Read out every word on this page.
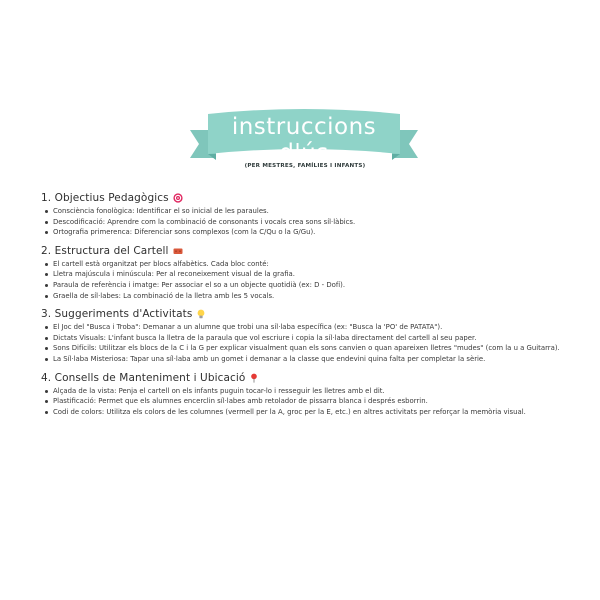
instruccions d'ús
(PER MESTRES, FAMÍLIES I INFANTS)
1. Objectius Pedagògics
Consciència fonològica: Identificar el so inicial de les paraules.
Descodificació: Aprendre com la combinació de consonants i vocals crea sons síl·làbics.
Ortografia primerenca: Diferenciar sons complexos (com la C/Qu o la G/Gu).
2. Estructura del Cartell
El cartell està organitzat per blocs alfabètics. Cada bloc conté:
Lletra majúscula i minúscula: Per al reconeixement visual de la grafia.
Paraula de referència i imatge: Per associar el so a un objecte quotidià (ex: D - Dofí).
Graella de síl·labes: La combinació de la lletra amb les 5 vocals.
3. Suggeriments d'Activitats
El Joc del "Busca i Troba": Demanar a un alumne que trobi una síl·laba específica (ex: "Busca la 'PO' de PATATA").
Dictats Visuals: L'infant busca la lletra de la paraula que vol escriure i copia la síl·laba directament del cartell al seu paper.
Sons Difícils: Utilitzar els blocs de la C i la G per explicar visualment quan els sons canvien o quan apareixen lletres "mudes" (com la u a Guitarra).
La Síl·laba Misteriosa: Tapar una síl·laba amb un gomet i demanar a la classe que endevini quina falta per completar la sèrie.
4. Consells de Manteniment i Ubicació
Alçada de la vista: Penja el cartell on els infants puguin tocar-lo i resseguir les lletres amb el dit.
Plastificació: Permet que els alumnes encerclin síl·labes amb retolador de pissarra blanca i després esborrin.
Codi de colors: Utilitza els colors de les columnes (vermell per la A, groc per la E, etc.) en altres activitats per reforçar la memòria visual.
